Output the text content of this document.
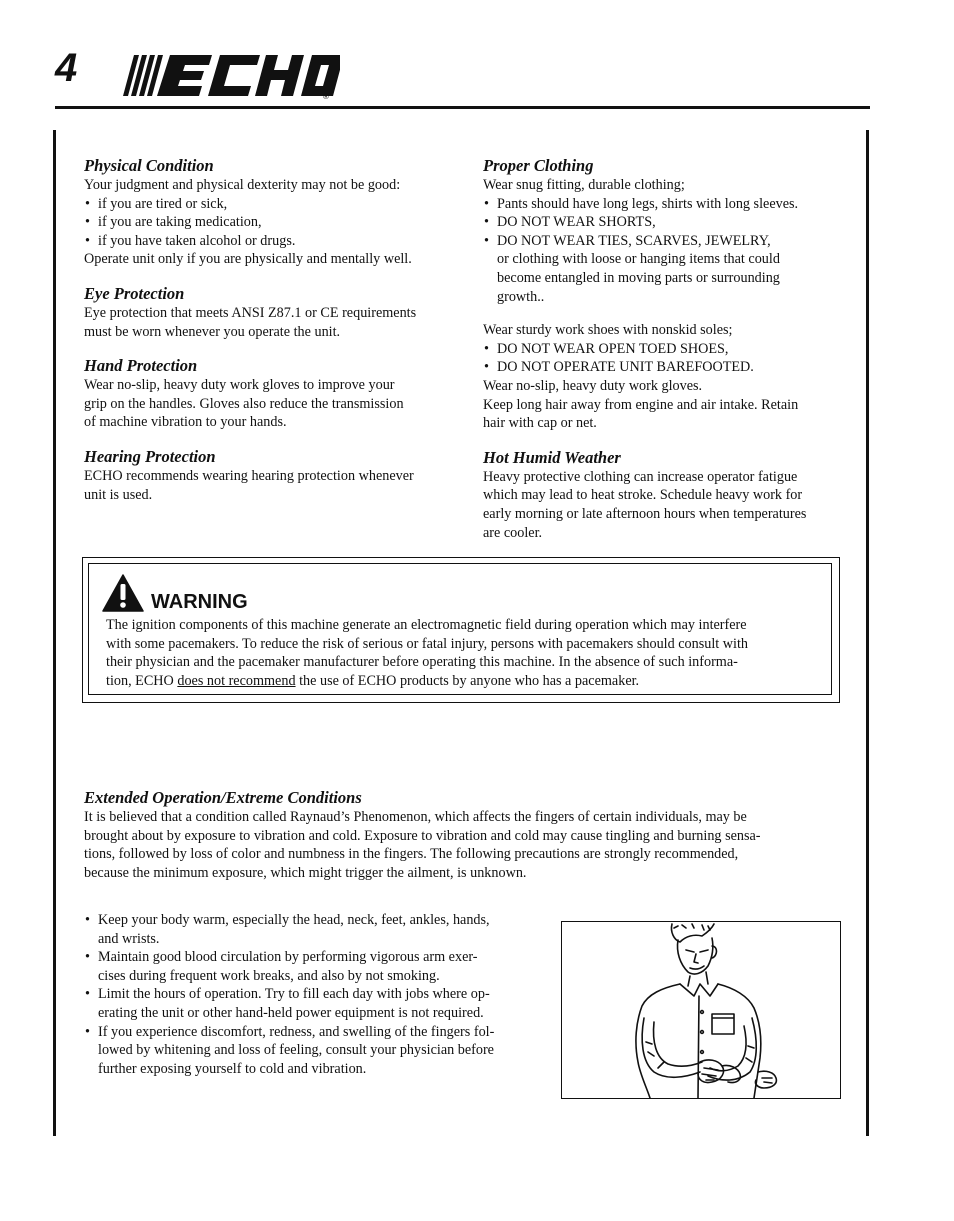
4
®
Physical Condition

Your judgment and physical dexterity may not be good:

• if you are tired or sick,
• if you are taking medication,
• if you have taken alcohol or drugs.

Operate unit only if you are physically and mentally well.

Eye Protection

Eye protection that meets ANSI Z87.1 or CE requirements

must be worn whenever you operate the unit.

Hand Protection

Wear no-slip, heavy duty work gloves to improve your

grip on the handles. Gloves also reduce the transmission

of machine vibration to your hands.

Hearing Protection

ECHO recommends wearing hearing protection whenever

unit is used.

Proper Clothing

Wear snug fitting, durable clothing;

• Pants should have long legs, shirts with long sleeves.
• DO NOT WEAR SHORTS,
• DO NOT WEAR TIES, SCARVES, JEWELRY,
or clothing with loose or hanging items that could
become entangled in moving parts or surrounding
growth..

Wear sturdy work shoes with nonskid soles;

• DO NOT WEAR OPEN TOED SHOES,
• DO NOT OPERATE UNIT BAREFOOTED.

Wear no-slip, heavy duty work gloves.

Keep long hair away from engine and air intake. Retain

hair with cap or net.

Hot Humid Weather

Heavy protective clothing can increase operator fatigue

which may lead to heat stroke. Schedule heavy work for

early morning or late afternoon hours when temperatures

are cooler.

WARNING
The ignition components of this machine generate an electromagnetic field during operation which may interfere
with some pacemakers. To reduce the risk of serious or fatal injury, persons with pacemakers should consult with
their physician and the pacemaker manufacturer before operating this machine. In the absence of such informa-
tion, ECHO does not recommend the use of ECHO products by anyone who has a pacemaker.
Extended Operation/Extreme Conditions

It is believed that a condition called Raynaud’s Phenomenon, which affects the fingers of certain individuals, may be

brought about by exposure to vibration and cold. Exposure to vibration and cold may cause tingling and burning sensa-

tions, followed by loss of color and numbness in the fingers. The following precautions are strongly recommended,

because the minimum exposure, which might trigger the ailment, is unknown.

• Keep your body warm, especially the head, neck, feet, ankles, hands,
and wrists.
• Maintain good blood circulation by performing vigorous arm exer-
cises during frequent work breaks, and also by not smoking.
• Limit the hours of operation. Try to fill each day with jobs where op-
erating the unit or other hand-held power equipment is not required.
• If you experience discomfort, redness, and swelling of the fingers fol-
lowed by whitening and loss of feeling, consult your physician before
further exposing yourself to cold and vibration.
